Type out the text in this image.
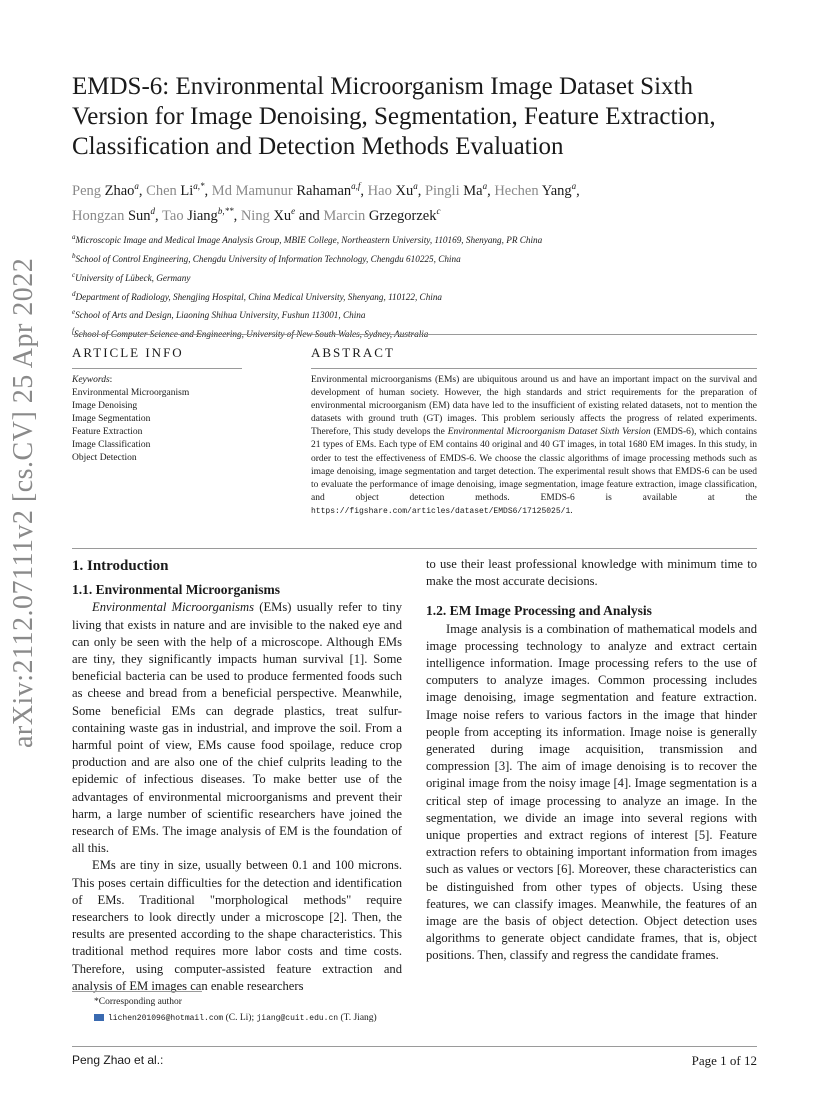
arXiv:2112.07111v2 [cs.CV] 25 Apr 2022
EMDS-6: Environmental Microorganism Image Dataset Sixth Version for Image Denoising, Segmentation, Feature Extraction, Classification and Detection Methods Evaluation
Peng Zhao$^a$, Chen $Li^{a,*}$, Md Mamunur Rahaman$^{a,f}$, Hao Xu$^a$, Pingli Ma$^a$, Hechen Yang$^a$,
Hongzan Sun$^d$, Tao Jiang$^{b,**}$, Ning Xu$^e$ and Marcin Grzegorzek$^c$
$^a$Microscopic Image and Medical Image Analysis Group, MBIE College, Northeastern University, 110169, Shenyang, PR China
$^b$School of Control Engineering, Chengdu University of Information Technology, Chengdu 610225, China
$^c$University of Lübeck, Germany
$^d$Department of Radiology, Shengjing Hospital, China Medical University, Shenyang, 110122, China
$^e$School of Arts and Design, Liaoning Shihua University, Fushun 113001, China
$^f$School of Computer Science and Engineering, University of New South Wales, Sydney, Australia
ARTICLE INFO
Keywords:
Environmental Microorganism
Image Denoising
Image Segmentation
Feature Extraction
Image Classification
Object Detection
ABSTRACT
Environmental microorganisms (EMs) are ubiquitous around us and have an important impact on the survival and development of human society. However, the high standards and strict requirements for the preparation of environmental microorganism (EM) data have led to the insufficient of existing related datasets, not to mention the datasets with ground truth (GT) images. This problem seriously affects the progress of related experiments. Therefore, This study develops the Environmental Microorganism Dataset Sixth Version (EMDS-6), which contains 21 types of EMs. Each type of EM contains 40 original and 40 GT images, in total 1680 EM images. In this study, in order to test the effectiveness of EMDS-6. We choose the classic algorithms of image processing methods such as image denoising, image segmentation and target detection. The experimental result shows that EMDS-6 can be used to evaluate the performance of image denoising, image segmentation, image feature extraction, image classification, and object detection methods. EMDS-6 is available at the https://figshare.com/articles/dataset/EMDS6/17125025/1.
1. Introduction
1.1. Environmental Microorganisms

Environmental Microorganisms (EMs) usually refer to tiny living that exists in nature and are invisible to the naked eye and can only be seen with the help of a microscope. Although EMs are tiny, they significantly impacts human survival [1]. Some beneficial bacteria can be used to produce fermented foods such as cheese and bread from a beneficial perspective. Meanwhile, Some beneficial EMs can degrade plastics, treat sulfur-containing waste gas in industrial, and improve the soil. From a harmful point of view, EMs cause food spoilage, reduce crop production and are also one of the chief culprits leading to the epidemic of infectious diseases. To make better use of the advantages of environmental microorganisms and prevent their harm, a large number of scientific researchers have joined the research of EMs. The image analysis of EM is the foundation of all this.

EMs are tiny in size, usually between 0.1 and 100 microns. This poses certain difficulties for the detection and identification of EMs. Traditional "morphological methods" require researchers to look directly under a microscope [2]. Then, the results are presented according to the shape characteristics. This traditional method requires more labor costs and time costs. Therefore, using computer-assisted feature extraction and analysis of EM images can enable researchers

to use their least professional knowledge with minimum time to make the most accurate decisions.

1.2. EM Image Processing and Analysis

Image analysis is a combination of mathematical models and image processing technology to analyze and extract certain intelligence information. Image processing refers to the use of computers to analyze images. Common processing includes image denoising, image segmentation and feature extraction. Image noise refers to various factors in the image that hinder people from accepting its information. Image noise is generally generated during image acquisition, transmission and compression [3]. The aim of image denoising is to recover the original image from the noisy image [4]. Image segmentation is a critical step of image processing to analyze an image. In the segmentation, we divide an image into several regions with unique properties and extract regions of interest [5]. Feature extraction refers to obtaining important information from images such as values or vectors [6]. Moreover, these characteristics can be distinguished from other types of objects. Using these features, we can classify images. Meanwhile, the features of an image are the basis of object detection. Object detection uses algorithms to generate object candidate frames, that is, object positions. Then, classify and regress the candidate frames.

*Corresponding author
lichen201096@hotmail.com (C. Li); jiang@cuit.edu.cn (T. Jiang)
Peng Zhao et al.:	Page 1 of 12
